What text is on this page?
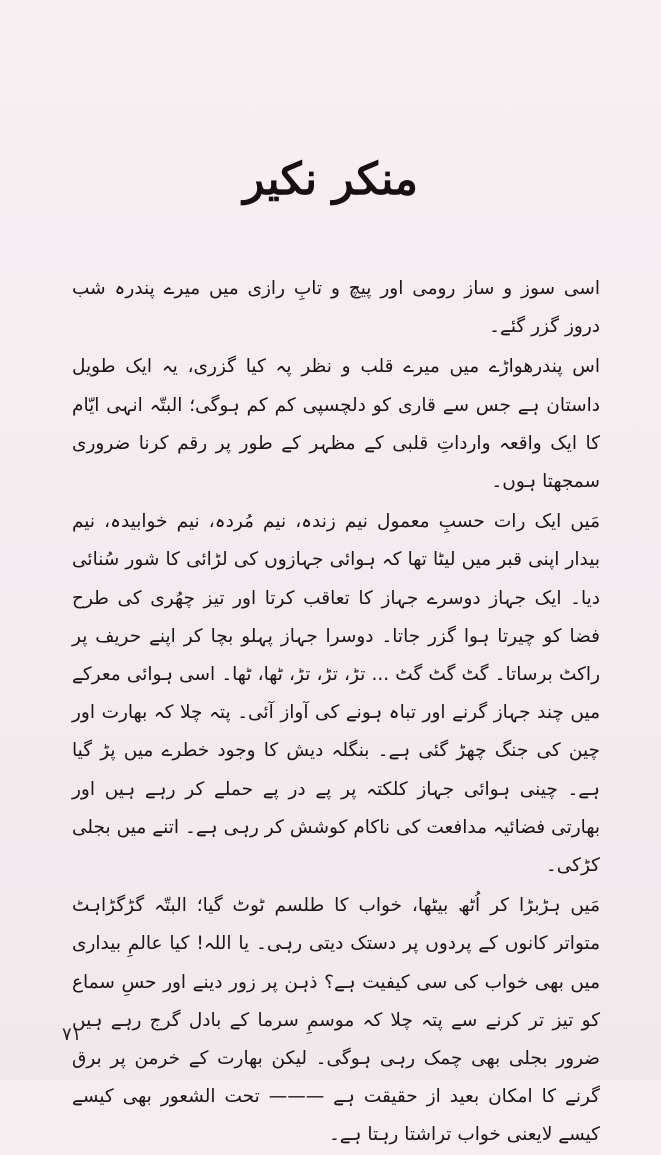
منکر نکیر

اسی سوز و ساز رومی اور پیچ و تابِ رازی میں میرے پندرہ شب دروز گزر گئے۔

اس پندرھواڑے میں میرے قلب و نظر پہ کیا گزری، یہ ایک طویل داستان ہے جس سے قاری کو دلچسپی کم کم ہوگی؛ البتّہ انہی ایّام کا ایک واقعہ وارداتِ قلبی کے مظہر کے طور پر رقم کرنا ضروری سمجھتا ہوں۔

مَیں ایک رات حسبِ معمول نیم زندہ، نیم مُردہ، نیم خوابیدہ، نیم بیدار اپنی قبر میں لیٹا تھا کہ ہوائی جہازوں کی لڑائی کا شور سُنائی دیا۔ ایک جہاز دوسرے جہاز کا تعاقب کرتا اور تیز چھُری کی طرح فضا کو چیرتا ہوا گزر جاتا۔ دوسرا جہاز پہلو بچا کر اپنے حریف پر راکٹ برساتا۔ گٹ گٹ گٹ ... تڑ، تڑ، تڑ، ٹھا، ٹھا۔ اسی ہوائی معرکے میں چند جہاز گرنے اور تباہ ہونے کی آواز آئی۔ پتہ چلا کہ بھارت اور چین کی جنگ چھڑ گئی ہے۔ بنگلہ دیش کا وجود خطرے میں پڑ گیا ہے۔ چینی ہوائی جہاز کلکتہ پر پے در پے حملے کر رہے ہیں اور بھارتی فضائیہ مدافعت کی ناکام کوشش کر رہی ہے۔ اتنے میں بجلی کڑکی۔

مَیں ہڑبڑا کر اُٹھ بیٹھا، خواب کا طلسم ٹوٹ گیا؛ البتّہ گڑگڑاہٹ متواتر کانوں کے پردوں پر دستک دیتی رہی۔ یا اللہ! کیا عالمِ بیداری میں بھی خواب کی سی کیفیت ہے؟ ذہن پر زور دینے اور حسِ سماع کو تیز تر کرنے سے پتہ چلا کہ موسمِ سرما کے بادل گرج رہے ہیں ضرور بجلی بھی چمک رہی ہوگی۔ لیکن بھارت کے خرمن پر برق گرنے کا امکان بعید از حقیقت ہے ——— تحت الشعور بھی کیسے کیسے لایعنی خواب تراشتا رہتا ہے۔

۷۱
